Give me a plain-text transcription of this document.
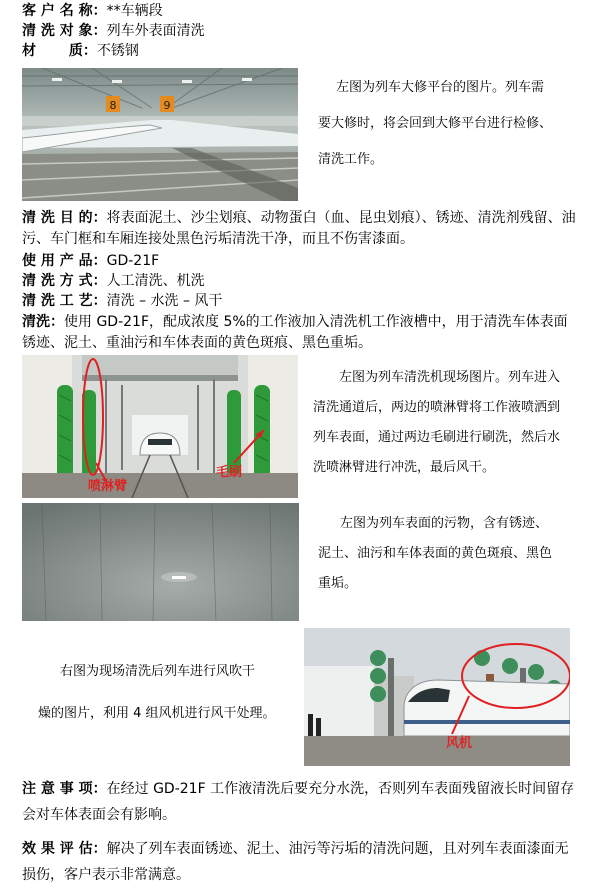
客 户 名 称：**车辆段
清 洗 对 象：列车外表面清洗
材　　 质：不锈钢
8	9
左图为列车大修平台的图片。列车需
要大修时，将会回到大修平台进行检修、
清洗工作。
清 洗 目 的：将表面泥土、沙尘划痕、动物蛋白（血、昆虫划痕）、锈迹、清洗剂残留、油污、车门框和车厢连接处黑色污垢清洗干净，而且不伤害漆面。
使 用 产 品：GD-21F
清 洗 方 式：人工清洗、机洗
清 洗 工 艺：清洗 – 水洗 – 风干
清洗：使用 GD-21F，配成浓度 5%的工作液加入清洗机工作液槽中，用于清洗车体表面锈迹、泥土、重油污和车体表面的黄色斑痕、黑色重垢。
喷淋臂
毛刷
左图为列车清洗机现场图片。列车进入
清洗通道后，两边的喷淋臂将工作液喷洒到
列车表面，通过两边毛刷进行刷洗，然后水
洗喷淋臂进行冲洗，最后风干。
左图为列车表面的污物，含有锈迹、
泥土、油污和车体表面的黄色斑痕、黑色
重垢。
右图为现场清洗后列车进行风吹干
燥的图片，利用 4 组风机进行风干处理。
风机
注 意 事 项：在经过 GD-21F 工作液清洗后要充分水洗，否则列车表面残留液长时间留存会对车体表面会有影响。
效 果 评 估：解决了列车表面锈迹、泥土、油污等污垢的清洗问题，且对列车表面漆面无损伤，客户表示非常满意。
